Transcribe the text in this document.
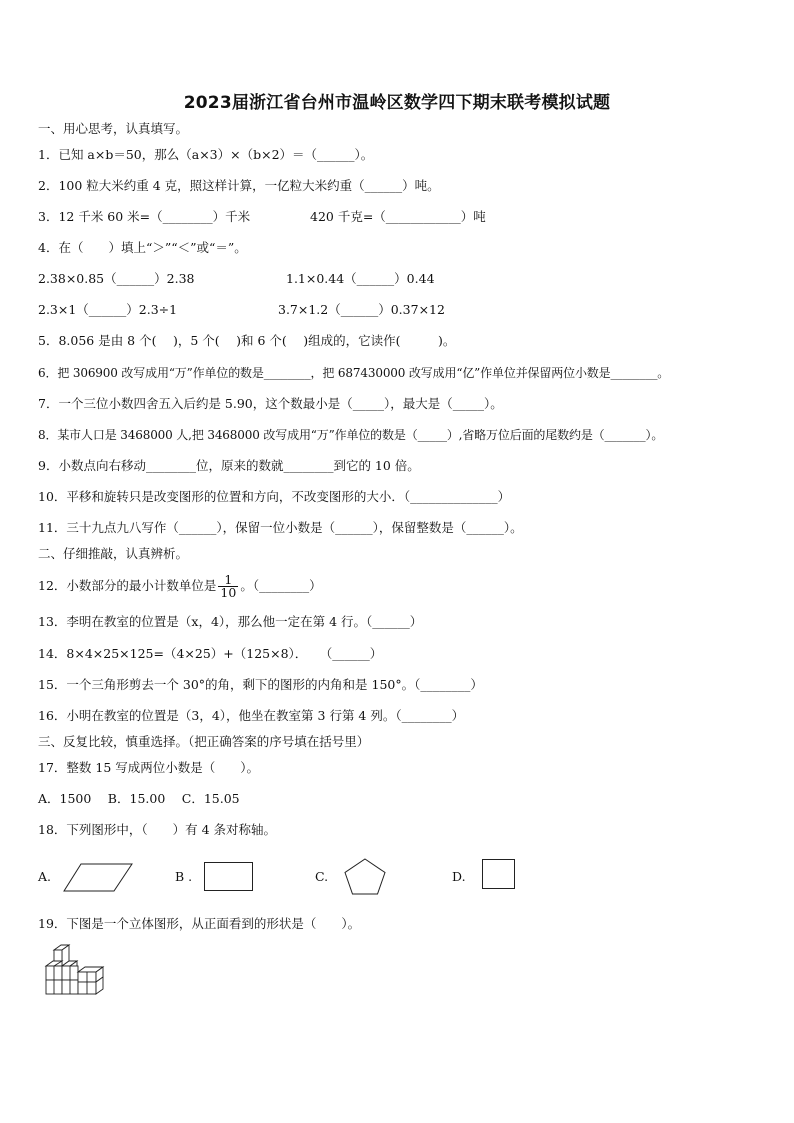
2023届浙江省台州市温岭区数学四下期末联考模拟试题
一、用心思考，认真填写。
1．已知 a×b＝50，那么（a×3）×（b×2）＝（______）。
2．100 粒大米约重 4 克，照这样计算，一亿粒大米约重（______）吨。
3．12 千米 60 米=（________）千米	420 千克=（____________）吨
4．在（　　）填上“＞”“＜”或“＝”。
2.38×0.85（______）2.38	1.1×0.44（______）0.44
2.3×1（______）2.3÷1	3.7×1.2（______）0.37×12
5．8.056 是由 8 个(　 )，5 个(　 )和 6 个(　 )组成的，它读作(　　　)。
6．把 306900 改写成用“万”作单位的数是________，把 687430000 改写成用“亿”作单位并保留两位小数是________。
7．一个三位小数四舍五入后约是 5.90，这个数最小是（_____），最大是（_____）。
8．某市人口是 3468000 人,把 3468000 改写成用“万”作单位的数是（_____）,省略万位后面的尾数约是（_______）。
9．小数点向右移动________位，原来的数就________到它的 10 倍。
10．平移和旋转只是改变图形的位置和方向，不改变图形的大小．（______________）
11．三十九点九八写作（______），保留一位小数是（______），保留整数是（______）。
二、仔细推敲，认真辨析。
12．小数部分的最小计数单位是 $\frac{1}{10}$ 。（________）
13．李明在教室的位置是（x，4），那么他一定在第 4 行。（______）
14．8×4×25×125=（4×25）+（125×8）．　　（______）
15．一个三角形剪去一个 30°的角，剩下的图形的内角和是 150°。（________）
16．小明在教室的位置是（3，4），他坐在教室第 3 行第 4 列。（________）
三、反复比较，慎重选择。（把正确答案的序号填在括号里）
17．整数 15 写成两位小数是（　　）。
A．1500　 B．15.00　 C．15.05
18．下列图形中，（　　）有 4 条对称轴。
A.	B .	C.	D.
19．下图是一个立体图形，从正面看到的形状是（　　）。
